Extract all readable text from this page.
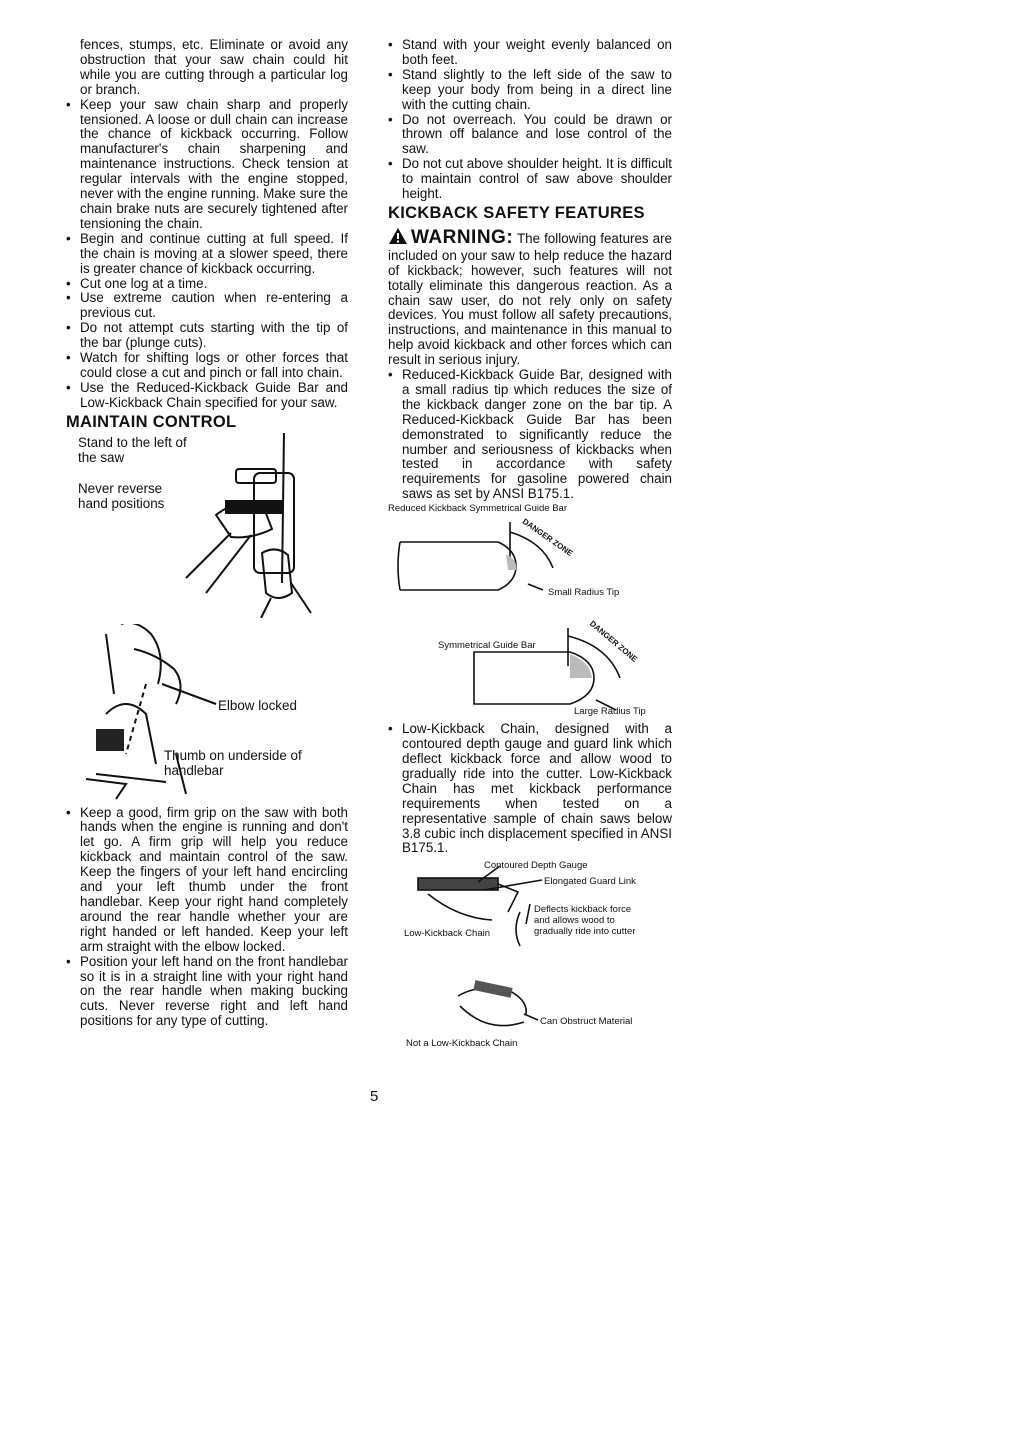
fences, stumps, etc. Eliminate or avoid any obstruction that your saw chain could hit while you are cutting through a particular log or branch.

• Keep your saw chain sharp and properly tensioned. A loose or dull chain can increase the chance of kickback occurring. Follow manufacturer's chain sharpening and maintenance instructions. Check tension at regular intervals with the engine stopped, never with the engine running. Make sure the chain brake nuts are securely tightened after tensioning the chain.
• Begin and continue cutting at full speed. If the chain is moving at a slower speed, there is greater chance of kickback occurring.
• Cut one log at a time.
• Use extreme caution when re-entering a previous cut.
• Do not attempt cuts starting with the tip of the bar (plunge cuts).
• Watch for shifting logs or other forces that could close a cut and pinch or fall into chain.
• Use the Reduced-Kickback Guide Bar and Low-Kickback Chain specified for your saw.
MAINTAIN CONTROL
Stand to the left of the saw
Never reverse hand positions
Elbow locked
Thumb on underside of handlebar
• Keep a good, firm grip on the saw with both hands when the engine is running and don't let go. A firm grip will help you reduce kickback and maintain control of the saw. Keep the fingers of your left hand encircling and your left thumb under the front handlebar. Keep your right hand completely around the rear handle whether your are right handed or left handed. Keep your left arm straight with the elbow locked.
• Position your left hand on the front handlebar so it is in a straight line with your right hand on the rear handle when making bucking cuts. Never reverse right and left hand positions for any type of cutting.
• Stand with your weight evenly balanced on both feet.
• Stand slightly to the left side of the saw to keep your body from being in a direct line with the cutting chain.
• Do not overreach. You could be drawn or thrown off balance and lose control of the saw.
• Do not cut above shoulder height. It is difficult to maintain control of saw above shoulder height.
KICKBACK SAFETY FEATURES

WARNING: The following features are included on your saw to help reduce the hazard of kickback; however, such features will not totally eliminate this dangerous reaction. As a chain saw user, do not rely only on safety devices. You must follow all safety precautions, instructions, and maintenance in this manual to help avoid kickback and other forces which can result in serious injury.

• Reduced-Kickback Guide Bar, designed with a small radius tip which reduces the size of the kickback danger zone on the bar tip. A Reduced-Kickback Guide Bar has been demonstrated to significantly reduce the number and seriousness of kickbacks when tested in accordance with safety requirements for gasoline powered chain saws as set by ANSI B175.1.
Reduced Kickback Symmetrical Guide Bar
DANGER ZONE
Small Radius Tip
Symmetrical Guide Bar	DANGER ZONE
Large Radius Tip
• Low-Kickback Chain, designed with a contoured depth gauge and guard link which deflect kickback force and allow wood to gradually ride into the cutter. Low-Kickback Chain has met kickback performance requirements when tested on a representative sample of chain saws below 3.8 cubic inch displacement specified in ANSI B175.1.
Contoured Depth Gauge
Elongated Guard Link
Deflects kickback force and allows wood to gradually ride into cutter
Low-Kickback Chain
Can Obstruct Material
Not a Low-Kickback Chain
5
